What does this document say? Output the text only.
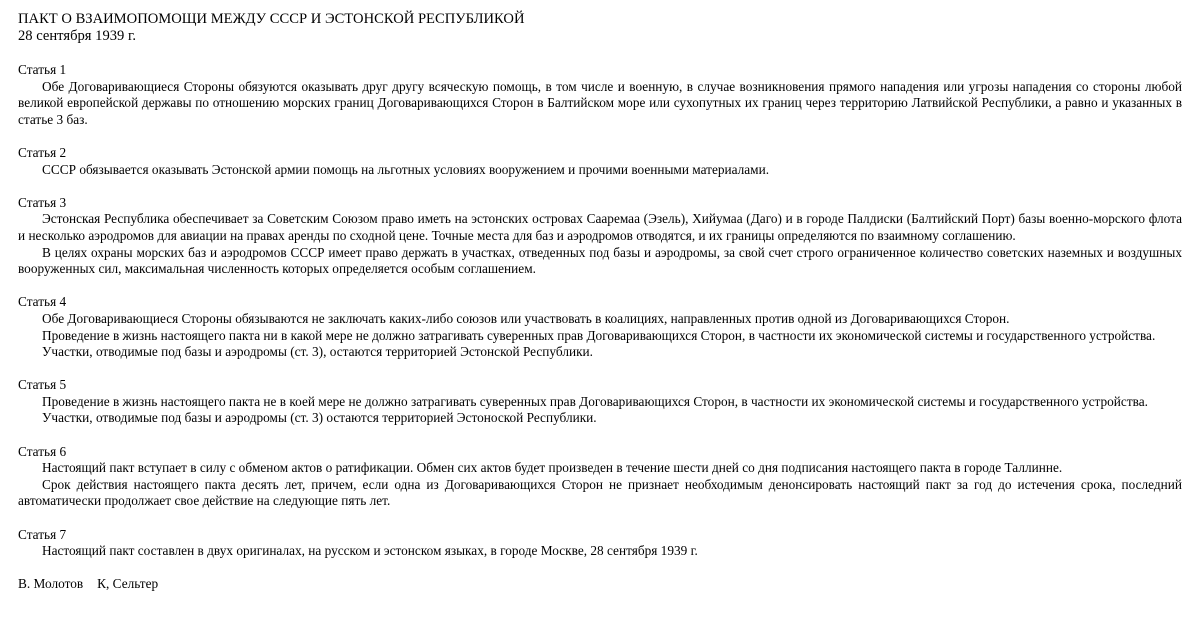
ПАКТ О ВЗАИМОПОМОЩИ МЕЖДУ СССР И ЭСТОНСКОЙ РЕСПУБЛИКОЙ
28 сентября 1939 г.
Статья 1

Обе Договаривающиеся Стороны обязуются оказывать друг другу всяческую помощь, в том числе и военную, в случае возникновения прямого нападения или угрозы нападения со стороны любой великой европейской державы по отношению морских границ Договаривающихся Сторон в Балтийском море или сухопутных их границ через территорию Латвийской Республики, а равно и указанных в статье 3 баз.

Статья 2

СССР обязывается оказывать Эстонской армии помощь на льготных условиях вооружением и прочими военными материалами.

Статья 3

Эстонская Республика обеспечивает за Советским Союзом право иметь на эстонских островах Сааремаа (Эзель), Хийумаа (Даго) и в городе Палдиски (Балтийский Порт) базы военно-морского флота и несколько аэродромов для авиации на правах аренды по сходной цене. Точные места для баз и аэродромов отводятся, и их границы определяются по взаимному соглашению.

В целях охраны морских баз и аэродромов СССР имеет право держать в участках, отведенных под базы и аэродромы, за свой счет строго ограниченное количество советских наземных и воздушных вооруженных сил, максимальная численность которых определяется особым соглашением.

Статья 4

Обе Договаривающиеся Стороны обязываются не заключать каких-либо союзов или участвовать в коалициях, направленных против одной из Договаривающихся Сторон.

Проведение в жизнь настоящего пакта ни в какой мере не должно затрагивать суверенных прав Договаривающихся Сторон, в частности их экономической системы и государственного устройства.

Участки, отводимые под базы и аэродромы (ст. 3), остаются территорией Эстонской Республики.

Статья 5

Проведение в жизнь настоящего пакта не в коей мере не должно затрагивать суверенных прав Договаривающихся Сторон, в частности их экономической системы и государственного устройства.

Участки, отводимые под базы и аэродромы (ст. 3) остаются территорией Эстоноской Республики.

Статья 6

Настоящий пакт вступает в силу с обменом актов о ратификации. Обмен сих актов будет произведен в течение шести дней со дня подписания настоящего пакта в городе Таллинне.

Срок действия настоящего пакта десять лет, причем, если одна из Договаривающихся Сторон не признает необходимым денонсировать настоящий пакт за год до истечения срока, последний автоматически продолжает свое действие на следующие пять лет.

Статья 7

Настоящий пакт составлен в двух оригиналах, на русском и эстонском языках, в городе Москве, 28 сентября 1939 г.

В. Молотов К, Сельтер
